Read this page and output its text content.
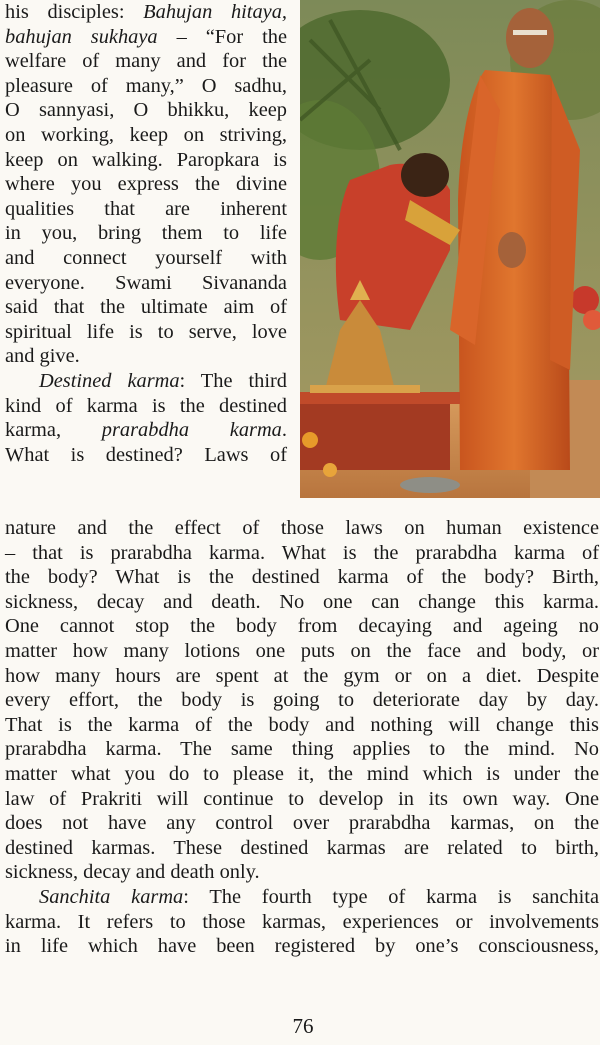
his disciples: Bahujan hitaya,
bahujan sukhaya – “For the
welfare of many and for the
pleasure of many,” O sadhu,
O sannyasi, O bhikku, keep
on working, keep on striving,
keep on walking. Paropkara is
where you express the divine
qualities that are inherent
in you, bring them to life
and connect yourself with
everyone. Swami Sivananda
said that the ultimate aim of
spiritual life is to serve, love
and give.
Destined karma: The third
kind of karma is the destined
karma, prarabdha karma.
What is destined? Laws of
nature and the effect of those laws on human existence
– that is prarabdha karma. What is the prarabdha karma of
the body? What is the destined karma of the body? Birth,
sickness, decay and death. No one can change this karma.
One cannot stop the body from decaying and ageing no
matter how many lotions one puts on the face and body, or
how many hours are spent at the gym or on a diet. Despite
every effort, the body is going to deteriorate day by day.
That is the karma of the body and nothing will change this
prarabdha karma. The same thing applies to the mind. No
matter what you do to please it, the mind which is under the
law of Prakriti will continue to develop in its own way. One
does not have any control over prarabdha karmas, on the
destined karmas. These destined karmas are related to birth,
sickness, decay and death only.
Sanchita karma: The fourth type of karma is sanchita
karma. It refers to those karmas, experiences or involvements
in life which have been registered by one’s consciousness,
76
